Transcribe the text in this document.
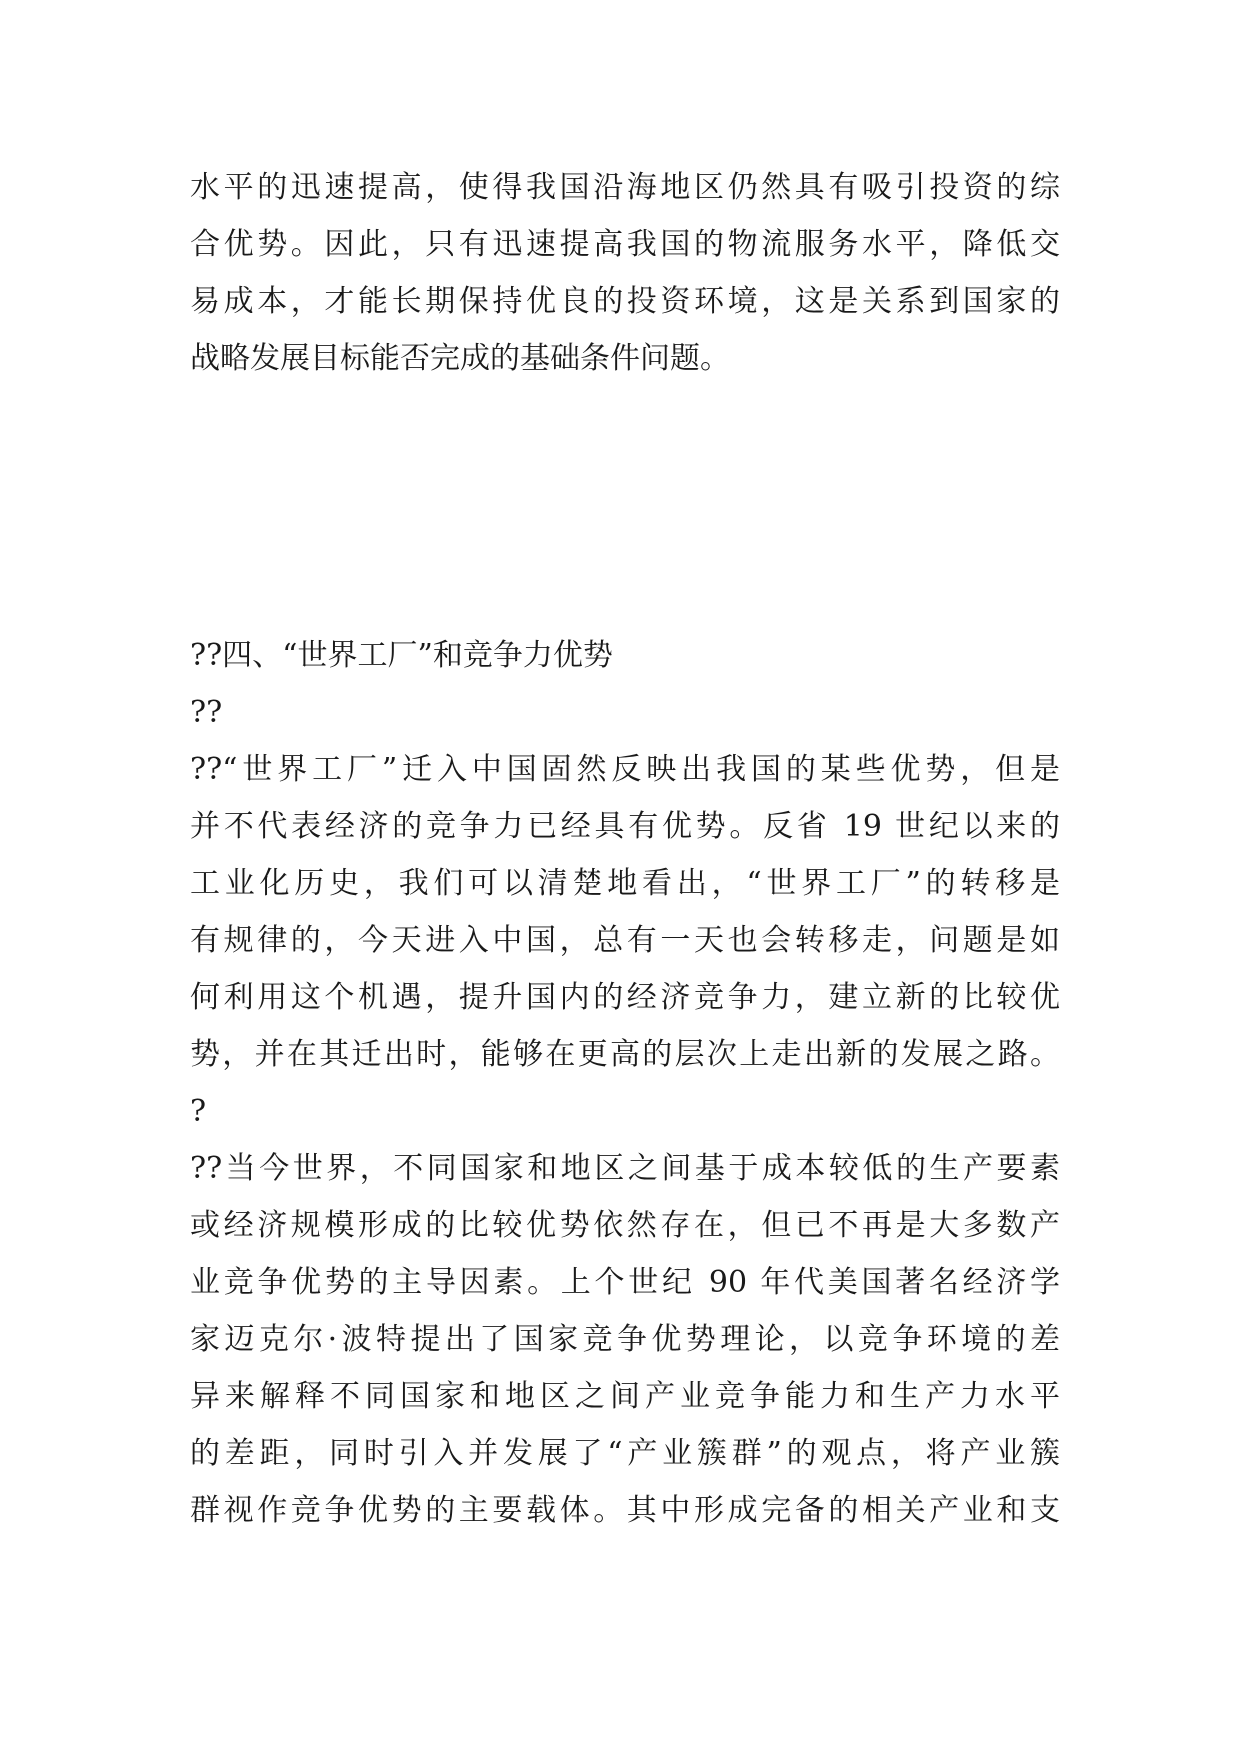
水平的迅速提高，使得我国沿海地区仍然具有吸引投资的综
合优势。因此，只有迅速提高我国的物流服务水平，降低交
易成本，才能长期保持优良的投资环境，这是关系到国家的
战略发展目标能否完成的基础条件问题。
??四、“世界工厂”和竞争力优势
??
??“世界工厂”迁入中国固然反映出我国的某些优势，但是
并不代表经济的竞争力已经具有优势。反省 19 世纪以来的
工业化历史，我们可以清楚地看出，“世界工厂”的转移是
有规律的，今天进入中国，总有一天也会转移走，问题是如
何利用这个机遇，提升国内的经济竞争力，建立新的比较优
势，并在其迁出时，能够在更高的层次上走出新的发展之路。
?
??当今世界，不同国家和地区之间基于成本较低的生产要素
或经济规模形成的比较优势依然存在，但已不再是大多数产
业竞争优势的主导因素。上个世纪 90 年代美国著名经济学
家迈克尔·波特提出了国家竞争优势理论，以竞争环境的差
异来解释不同国家和地区之间产业竞争能力和生产力水平
的差距，同时引入并发展了“产业簇群”的观点，将产业簇
群视作竞争优势的主要载体。其中形成完备的相关产业和支
